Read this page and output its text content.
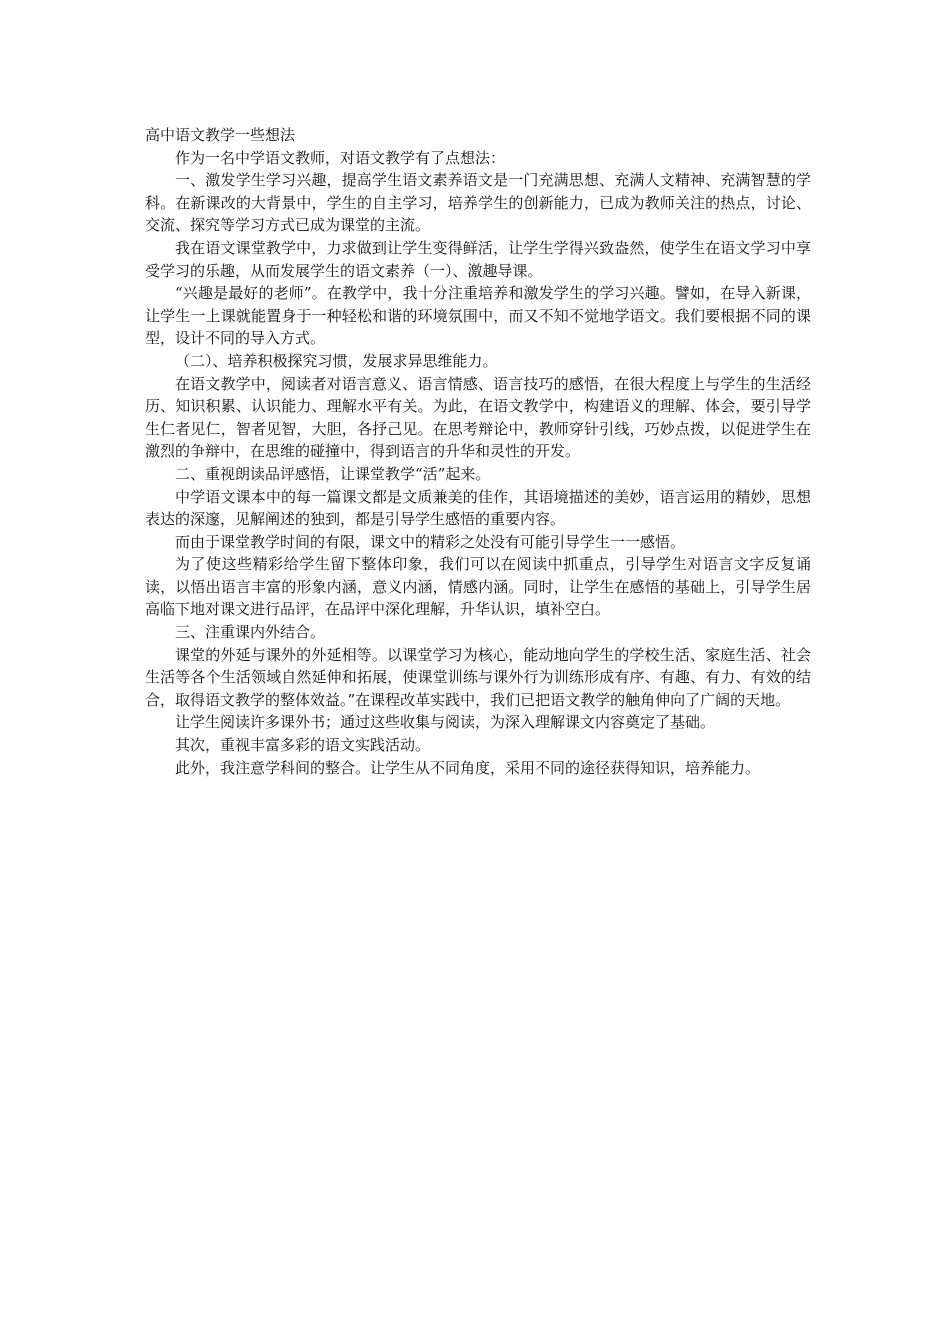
高中语文教学一些想法

作为一名中学语文教师，对语文教学有了点想法：

一、激发学生学习兴趣，提高学生语文素养语文是一门充满思想、充满人文精神、充满智慧的学科。在新课改的大背景中，学生的自主学习，培养学生的创新能力，已成为教师关注的热点，讨论、交流、探究等学习方式已成为课堂的主流。

我在语文课堂教学中，力求做到让学生变得鲜活，让学生学得兴致盎然，使学生在语文学习中享受学习的乐趣，从而发展学生的语文素养（一）、激趣导课。

“兴趣是最好的老师”。在教学中，我十分注重培养和激发学生的学习兴趣。譬如，在导入新课，让学生一上课就能置身于一种轻松和谐的环境氛围中，而又不知不觉地学语文。我们要根据不同的课型，设计不同的导入方式。

（二）、培养积极探究习惯，发展求异思维能力。

在语文教学中，阅读者对语言意义、语言情感、语言技巧的感悟，在很大程度上与学生的生活经历、知识积累、认识能力、理解水平有关。为此，在语文教学中，构建语义的理解、体会，要引导学生仁者见仁，智者见智，大胆，各抒己见。在思考辩论中，教师穿针引线，巧妙点拨，以促进学生在激烈的争辩中，在思维的碰撞中，得到语言的升华和灵性的开发。

二、重视朗读品评感悟，让课堂教学“活”起来。

中学语文课本中的每一篇课文都是文质兼美的佳作，其语境描述的美妙，语言运用的精妙，思想表达的深邃，见解阐述的独到，都是引导学生感悟的重要内容。

而由于课堂教学时间的有限，课文中的精彩之处没有可能引导学生一一感悟。

为了使这些精彩给学生留下整体印象，我们可以在阅读中抓重点，引导学生对语言文字反复诵读，以悟出语言丰富的形象内涵，意义内涵，情感内涵。同时，让学生在感悟的基础上，引导学生居高临下地对课文进行品评，在品评中深化理解，升华认识，填补空白。

三、注重课内外结合。

课堂的外延与课外的外延相等。以课堂学习为核心，能动地向学生的学校生活、家庭生活、社会生活等各个生活领域自然延伸和拓展，使课堂训练与课外行为训练形成有序、有趣、有力、有效的结合，取得语文教学的整体效益。”在课程改革实践中，我们已把语文教学的触角伸向了广阔的天地。

让学生阅读许多课外书；通过这些收集与阅读，为深入理解课文内容奠定了基础。

其次，重视丰富多彩的语文实践活动。

此外，我注意学科间的整合。让学生从不同角度，采用不同的途径获得知识，培养能力。
